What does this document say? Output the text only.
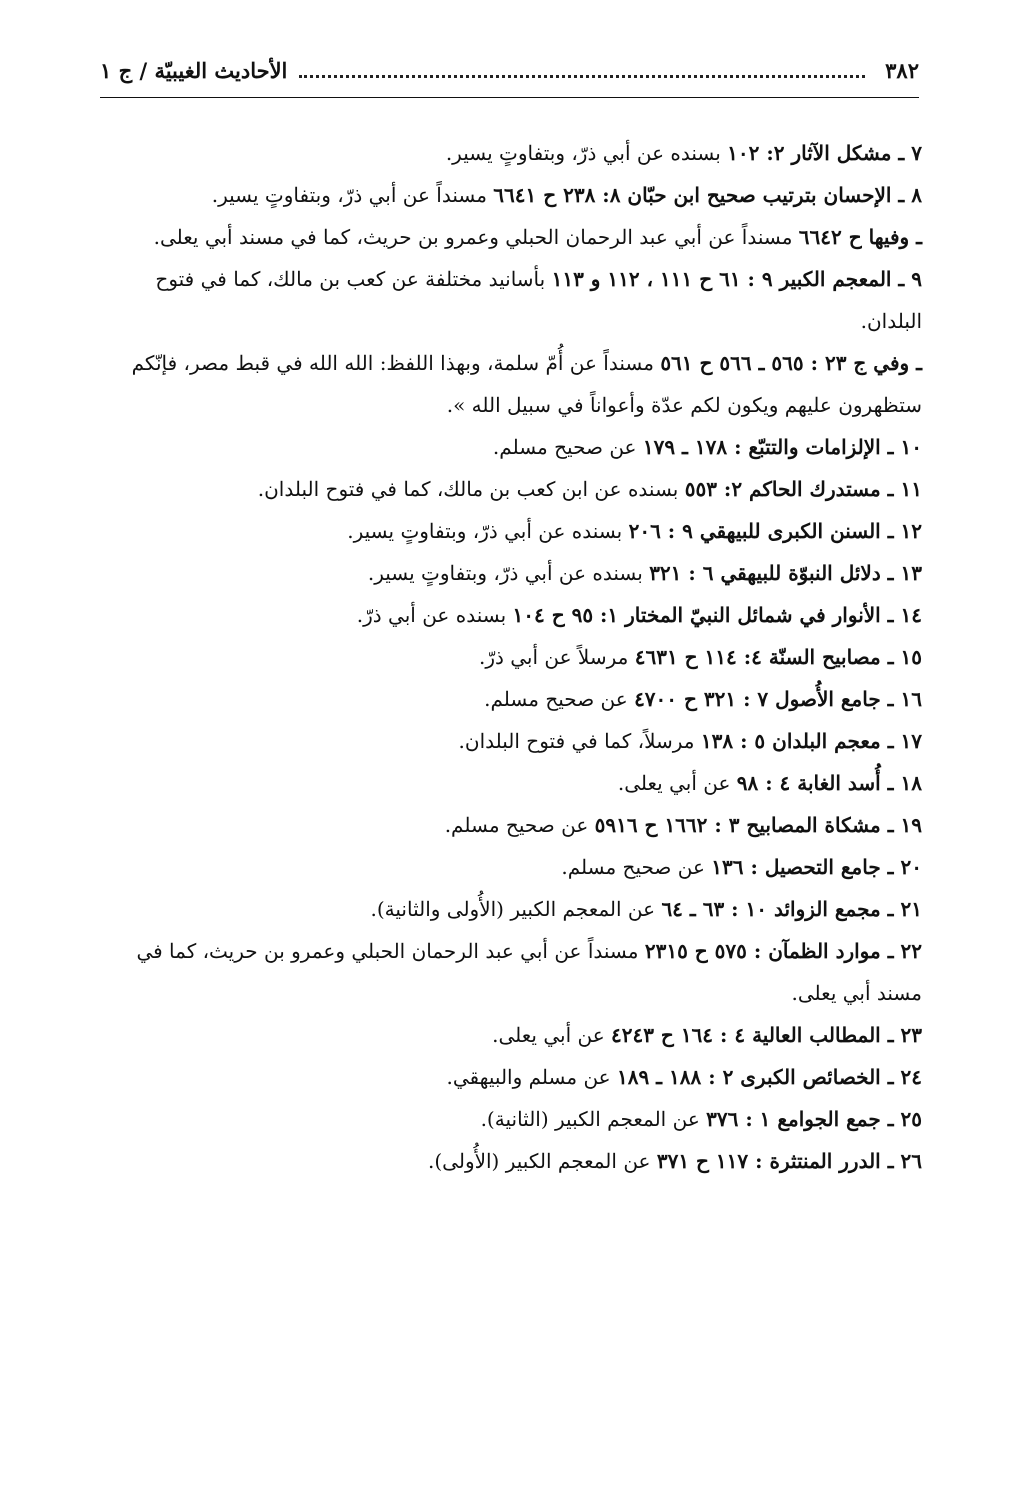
٣٨٢
الأحاديث الغيبيّة / ج ١

٧ ـ مشكل الآثار ٢: ١٠٢ بسنده عن أبي ذرّ، وبتفاوتٍ يسير.

٨ ـ الإحسان بترتيب صحيح ابن حبّان ٨: ٢٣٨ ح ٦٦٤١ مسنداً عن أبي ذرّ، وبتفاوتٍ يسير.

ـ وفيها ح ٦٦٤٢ مسنداً عن أبي عبد الرحمان الحبلي وعمرو بن حريث، كما في مسند أبي يعلى.

٩ ـ المعجم الكبير ٩ : ٦١ ح ١١١ ، ١١٢ و ١١٣ بأسانيد مختلفة عن كعب بن مالك، كما في فتوح البلدان.

ـ وفي ج ٢٣ : ٥٦٥ ـ ٥٦٦ ح ٥٦١ مسنداً عن أُمّ سلمة، وبهذا اللفظ: الله الله في قبط مصر، فإنّكم ستظهرون عليهم ويكون لكم عدّة وأعواناً في سبيل الله ».

١٠ ـ الإلزامات والتتبّع : ١٧٨ ـ ١٧٩ عن صحيح مسلم.

١١ ـ مستدرك الحاكم ٢: ٥٥٣ بسنده عن ابن كعب بن مالك، كما في فتوح البلدان.

١٢ ـ السنن الكبرى للبيهقي ٩ : ٢٠٦ بسنده عن أبي ذرّ، وبتفاوتٍ يسير.

١٣ ـ دلائل النبوّة للبيهقي ٦ : ٣٢١ بسنده عن أبي ذرّ، وبتفاوتٍ يسير.

١٤ ـ الأنوار في شمائل النبيّ المختار ١: ٩٥ ح ١٠٤ بسنده عن أبي ذرّ.

١٥ ـ مصابيح السنّة ٤: ١١٤ ح ٤٦٣١ مرسلاً عن أبي ذرّ.

١٦ ـ جامع الأُصول ٧ : ٣٢١ ح ٤٧٠٠ عن صحيح مسلم.

١٧ ـ معجم البلدان ٥ : ١٣٨ مرسلاً، كما في فتوح البلدان.

١٨ ـ أُسد الغابة ٤ : ٩٨ عن أبي يعلى.

١٩ ـ مشكاة المصابيح ٣ : ١٦٦٢ ح ٥٩١٦ عن صحيح مسلم.

٢٠ ـ جامع التحصيل : ١٣٦ عن صحيح مسلم.

٢١ ـ مجمع الزوائد ١٠ : ٦٣ ـ ٦٤ عن المعجم الكبير (الأُولى والثانية).

٢٢ ـ موارد الظمآن : ٥٧٥ ح ٢٣١٥ مسنداً عن أبي عبد الرحمان الحبلي وعمرو بن حريث، كما في مسند أبي يعلى.

٢٣ ـ المطالب العالية ٤ : ١٦٤ ح ٤٢٤٣ عن أبي يعلى.

٢٤ ـ الخصائص الكبرى ٢ : ١٨٨ ـ ١٨٩ عن مسلم والبيهقي.

٢٥ ـ جمع الجوامع ١ : ٣٧٦ عن المعجم الكبير (الثانية).

٢٦ ـ الدرر المنتثرة : ١١٧ ح ٣٧١ عن المعجم الكبير (الأُولى).
